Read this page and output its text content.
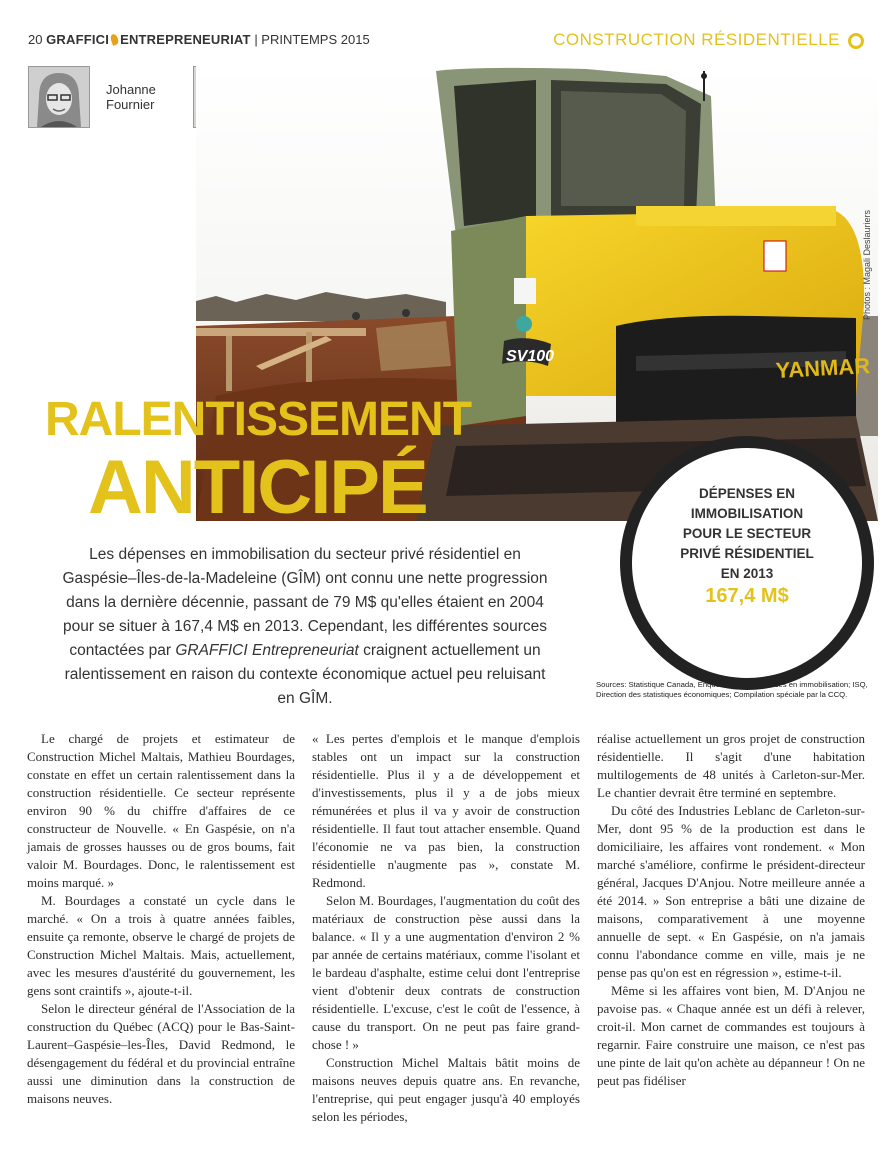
20 GRAFFICI ENTREPRENEURIAT | PRINTEMPS 2015	CONSTRUCTION RÉSIDENTIELLE
Johanne
Fournier

YANMAR
SV100
Photos : Magali Deslauriers
RALENTISSEMENT
ANTICIPÉ
Les dépenses en immobilisation du secteur privé résidentiel en Gaspésie–Îles-de-la-Madeleine (GÎM) ont connu une nette progression dans la dernière décennie, passant de 79 M$ qu'elles étaient en 2004 pour se situer à 167,4 M$ en 2013. Cependant, les différentes sources contactées par GRAFFICI Entrepreneuriat craignent actuellement un ralentissement en raison du contexte économique actuel peu reluisant en GÎM.
DÉPENSES EN
IMMOBILISATION
POUR LE SECTEUR
PRIVÉ RÉSIDENTIEL
EN 2013
167,4 M$
Sources: Statistique Canada, Enquête sur les dépenses en immobilisation; ISQ, Direction des statistiques économiques; Compilation spéciale par la CCQ.

Le chargé de projets et estimateur de Construction Michel Maltais, Mathieu Bourdages, constate en effet un certain ralentissement dans la construction résidentielle. Ce secteur représente environ 90 % du chiffre d'affaires de ce constructeur de Nouvelle. « En Gaspésie, on n'a jamais de grosses hausses ou de gros boums, fait valoir M. Bourdages. Donc, le ralentissement est moins marqué. »

M. Bourdages a constaté un cycle dans le marché. « On a trois à quatre années faibles, ensuite ça remonte, observe le chargé de projets de Construction Michel Maltais. Mais, actuellement, avec les mesures d'austérité du gouvernement, les gens sont craintifs », ajoute-t-il.

Selon le directeur général de l'Association de la construction du Québec (ACQ) pour le Bas-Saint-Laurent–Gaspésie–les-Îles, David Redmond, le désengagement du fédéral et du provincial entraîne aussi une diminution dans la construction de maisons neuves.

« Les pertes d'emplois et le manque d'emplois stables ont un impact sur la construction résidentielle. Plus il y a de développement et d'investissements, plus il y a de jobs mieux rémunérées et plus il va y avoir de construction résidentielle. Il faut tout attacher ensemble. Quand l'économie ne va pas bien, la construction résidentielle n'augmente pas », constate M. Redmond.

Selon M. Bourdages, l'augmentation du coût des matériaux de construction pèse aussi dans la balance. « Il y a une augmentation d'environ 2 % par année de certains matériaux, comme l'isolant et le bardeau d'asphalte, estime celui dont l'entreprise vient d'obtenir deux contrats de construction résidentielle. L'excuse, c'est le coût de l'essence, à cause du transport. On ne peut pas faire grand-chose ! »

Construction Michel Maltais bâtit moins de maisons neuves depuis quatre ans. En revanche, l'entreprise, qui peut engager jusqu'à 40 employés selon les périodes,

réalise actuellement un gros projet de construction résidentielle. Il s'agit d'une habitation multilogements de 48 unités à Carleton-sur-Mer. Le chantier devrait être terminé en septembre.

Du côté des Industries Leblanc de Carleton-sur-Mer, dont 95 % de la production est dans le domiciliaire, les affaires vont rondement. « Mon marché s'améliore, confirme le président-directeur général, Jacques D'Anjou. Notre meilleure année a été 2014. » Son entreprise a bâti une dizaine de maisons, comparativement à une moyenne annuelle de sept. « En Gaspésie, on n'a jamais connu l'abondance comme en ville, mais je ne pense pas qu'on est en régression », estime-t-il.

Même si les affaires vont bien, M. D'Anjou ne pavoise pas. « Chaque année est un défi à relever, croit-il. Mon carnet de commandes est toujours à regarnir. Faire construire une maison, ce n'est pas une pinte de lait qu'on achète au dépanneur ! On ne peut pas fidéliser
